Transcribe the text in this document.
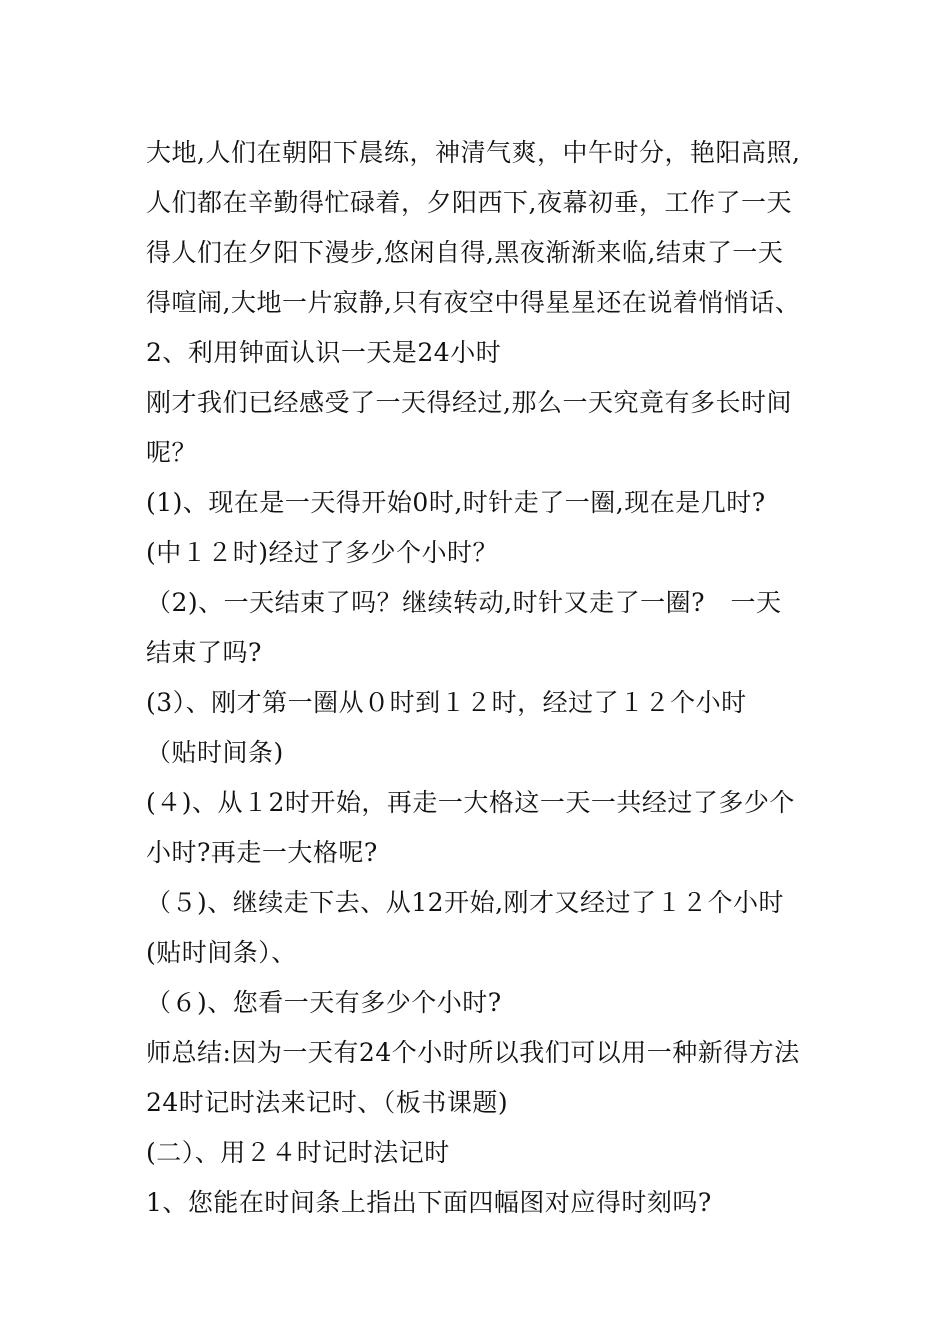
大地,人们在朝阳下晨练，神清气爽，中午时分，艳阳高照,
人们都在辛勤得忙碌着，夕阳西下,夜幕初垂，工作了一天
得人们在夕阳下漫步,悠闲自得,黑夜渐渐来临,结束了一天
得喧闹,大地一片寂静,只有夜空中得星星还在说着悄悄话、
2、利用钟面认识一天是24小时
刚才我们已经感受了一天得经过,那么一天究竟有多长时间
呢？
(1)、现在是一天得开始0时,时针走了一圈,现在是几时?
(中１２时)经过了多少个小时？
（2)、一天结束了吗？继续转动,时针又走了一圈?　一天
结束了吗?
(3）、刚才第一圈从０时到１２时，经过了１２个小时
（贴时间条)
(４)、从１2时开始，再走一大格这一天一共经过了多少个
小时?再走一大格呢?
（５)、继续走下去、从12开始,刚才又经过了１２个小时
(贴时间条）、
（６)、您看一天有多少个小时?
师总结:因为一天有24个小时所以我们可以用一种新得方法
24时记时法来记时、（板书课题)
(二）、用２４时记时法记时
1、您能在时间条上指出下面四幅图对应得时刻吗?
